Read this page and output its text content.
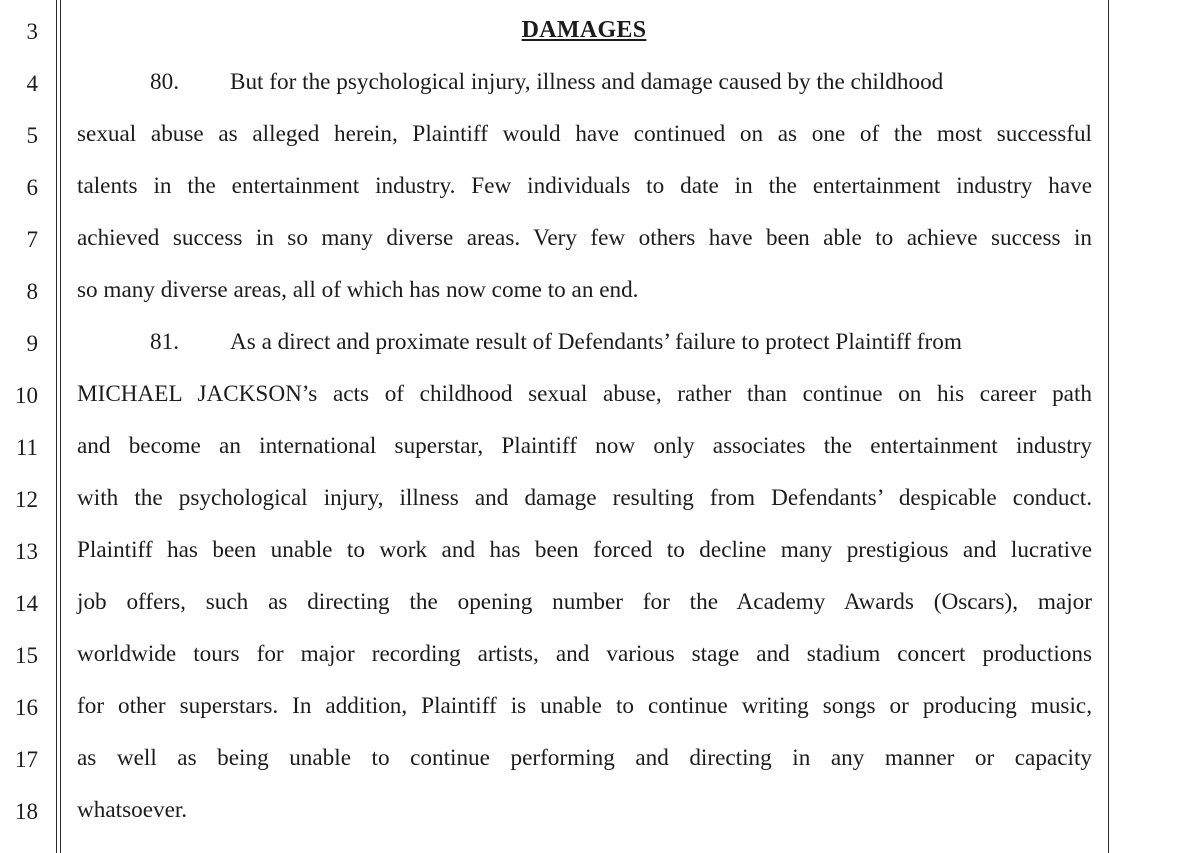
3
4
5
6
7
8
9
10
11
12
13
14
15
16
17
18
DAMAGES
80. But for the psychological injury, illness and damage caused by the childhood
sexual abuse as alleged herein, Plaintiff would have continued on as one of the most successful
talents in the entertainment industry. Few individuals to date in the entertainment industry have
achieved success in so many diverse areas. Very few others have been able to achieve success in
so many diverse areas, all of which has now come to an end.
81. As a direct and proximate result of Defendants’ failure to protect Plaintiff from
MICHAEL JACKSON’s acts of childhood sexual abuse, rather than continue on his career path
and become an international superstar, Plaintiff now only associates the entertainment industry
with the psychological injury, illness and damage resulting from Defendants’ despicable conduct.
Plaintiff has been unable to work and has been forced to decline many prestigious and lucrative
job offers, such as directing the opening number for the Academy Awards (Oscars), major
worldwide tours for major recording artists, and various stage and stadium concert productions
for other superstars. In addition, Plaintiff is unable to continue writing songs or producing music,
as well as being unable to continue performing and directing in any manner or capacity
whatsoever.
